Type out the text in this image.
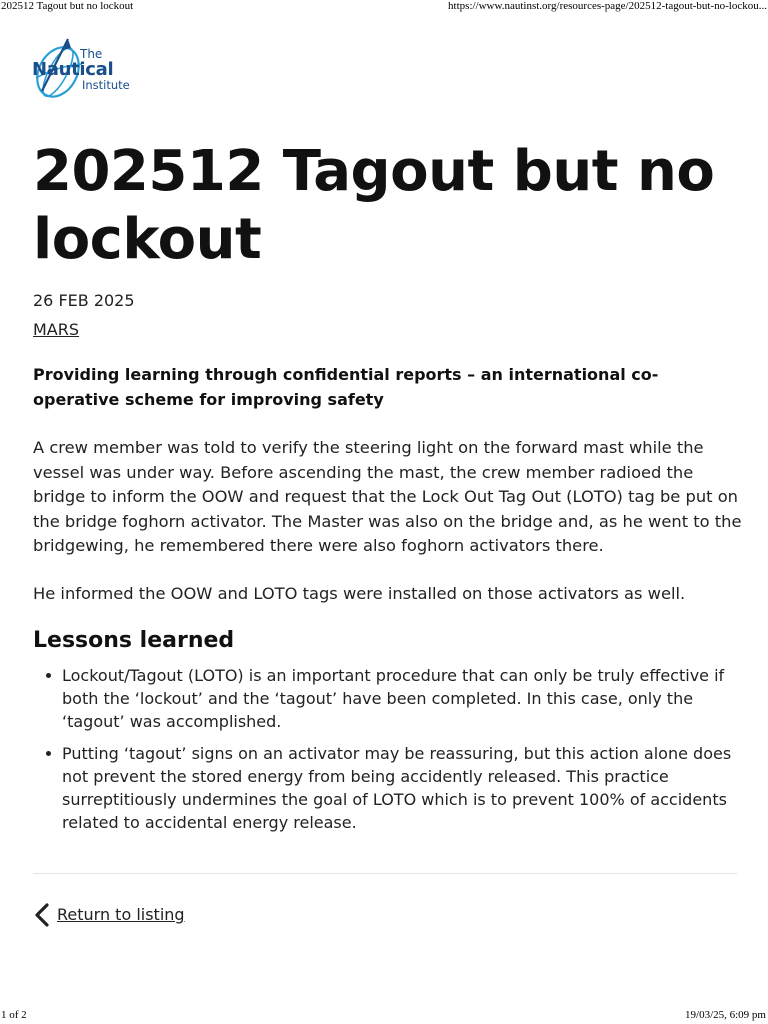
202512 Tagout but no lockout	https://www.nautinst.org/resources-page/202512-tagout-but-no-lockou...
The
Nautical
Institute
202512 Tagout but no lockout
26 FEB 2025
MARS

Providing learning through confidential reports – an international co-operative scheme for improving safety

A crew member was told to verify the steering light on the forward mast while the vessel was under way. Before ascending the mast, the crew member radioed the bridge to inform the OOW and request that the Lock Out Tag Out (LOTO) tag be put on the bridge foghorn activator. The Master was also on the bridge and, as he went to the bridgewing, he remembered there were also foghorn activators there.

He informed the OOW and LOTO tags were installed on those activators as well.

Lessons learned
Lockout/Tagout (LOTO) is an important procedure that can only be truly effective if both the ‘lockout’ and the ‘tagout’ have been completed. In this case, only the ‘tagout’ was accomplished.
Putting ‘tagout’ signs on an activator may be reassuring, but this action alone does not prevent the stored energy from being accidently released. This practice surreptitiously undermines the goal of LOTO which is to prevent 100% of accidents related to accidental energy release.
Return to listing
1 of 2	19/03/25, 6:09 pm
